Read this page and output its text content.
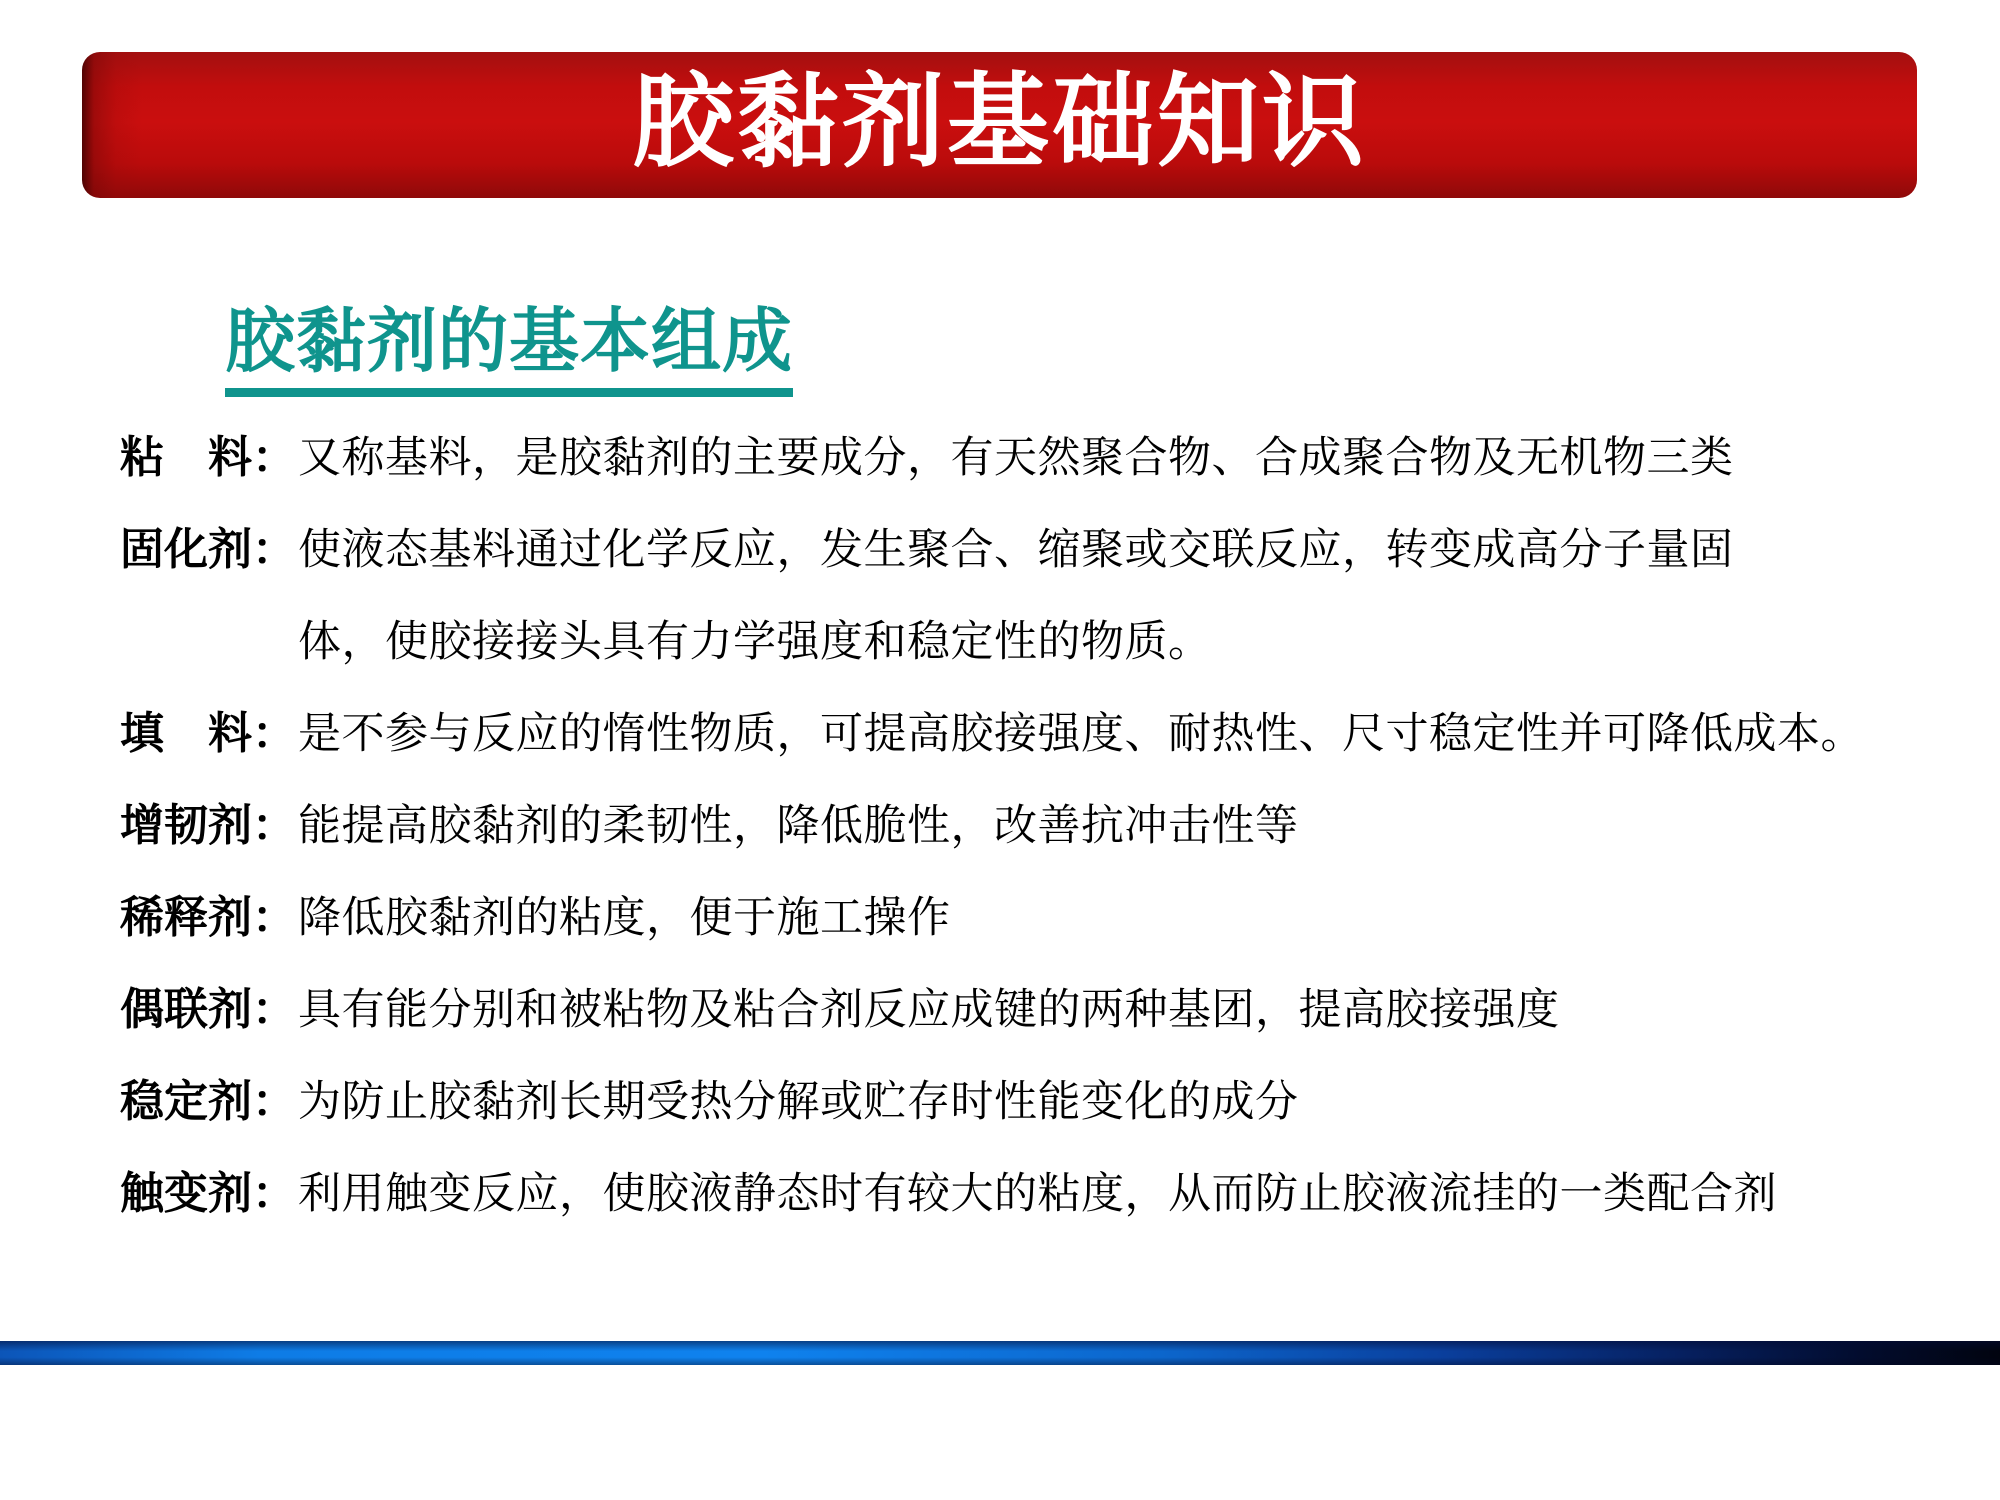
胶黏剂基础知识
胶黏剂的基本组成
粘　料： 又称基料，是胶黏剂的主要成分，有天然聚合物、合成聚合物及无机物三类
固化剂： 使液态基料通过化学反应，发生聚合、缩聚或交联反应，转变成高分子量固
体，使胶接接头具有力学强度和稳定性的物质。
填　料： 是不参与反应的惰性物质，可提高胶接强度、耐热性、尺寸稳定性并可降低成本。
增韧剂： 能提高胶黏剂的柔韧性，降低脆性，改善抗冲击性等
稀释剂： 降低胶黏剂的粘度，便于施工操作
偶联剂： 具有能分别和被粘物及粘合剂反应成键的两种基团，提高胶接强度
稳定剂： 为防止胶黏剂长期受热分解或贮存时性能变化的成分
触变剂： 利用触变反应，使胶液静态时有较大的粘度，从而防止胶液流挂的一类配合剂
